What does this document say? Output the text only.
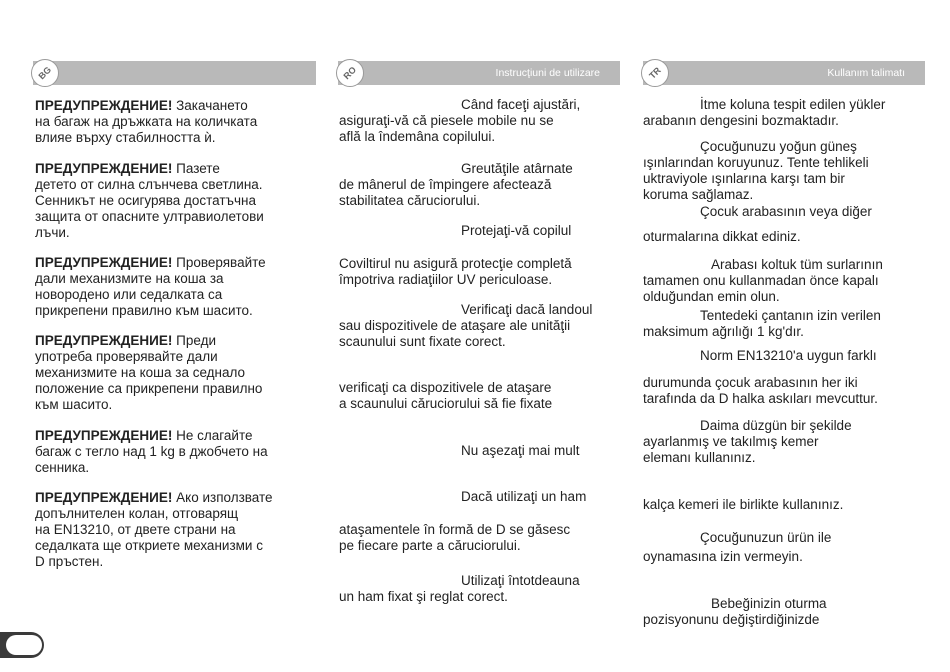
BG	RO	Instrucţiuni de utilizare	TR	Kullanım talimatı

ПРЕДУПРЕЖДЕНИЕ! Закачането
на багаж на дръжката на количката
влияе върху стабилността ѝ.

ПРЕДУПРЕЖДЕНИЕ! Пазете
детето от силна слънчева светлина.
Сенникът не осигурява достатъчна
защита от опасните ултравиолетови
лъчи.

ПРЕДУПРЕЖДЕНИЕ! Проверявайте
дали механизмите на коша за
новородено или седалката са
прикрепени правилно към шасито.

ПРЕДУПРЕЖДЕНИЕ! Преди
употреба проверявайте дали
механизмите на коша за седнало
положение са прикрепени правилно
към шасито.

ПРЕДУПРЕЖДЕНИЕ! Не слагайте
багаж с тегло над 1 kg в джобчето на
сенника.

ПРЕДУПРЕЖДЕНИЕ! Ако използвате
допълнителен колан, отговарящ
на EN13210, от двете страни на
седалката ще откриете механизми с
D пръстен.

Când faceţi ajustări,
asiguraţi-vă că piesele mobile nu se
află la îndemâna copilului.

Greutăţile atârnate
de mânerul de împingere afectează
stabilitatea căruciorului.

Protejaţi-vă copilul

Coviltirul nu asigură protecţie completă
împotriva radiaţiilor UV periculoase.

Verificaţi dacă landoul
sau dispozitivele de ataşare ale unităţii
scaunului sunt fixate corect.

verificaţi ca dispozitivele de ataşare
a scaunului căruciorului să fie fixate

Nu aşezaţi mai mult

Dacă utilizaţi un ham

ataşamentele în formă de D se găsesc
pe fiecare parte a căruciorului.

Utilizaţi întotdeauna
un ham fixat şi reglat corect.

İtme koluna tespit edilen yükler
arabanın dengesini bozmaktadır.

Çocuğunuzu yoğun güneş
ışınlarından koruyunuz. Tente tehlikeli
uktraviyole ışınlarına karşı tam bir
koruma sağlamaz.

Çocuk arabasının veya diğer

oturmalarına dikkat ediniz.

Arabası koltuk tüm surlarının
tamamen onu kullanmadan önce kapalı
olduğundan emin olun.

Tentedeki çantanın izin verilen
maksimum ağrılığı 1 kg'dır.

Norm EN13210'a uygun farklı

durumunda çocuk arabasının her iki
tarafında da D halka askıları mevcuttur.

Daima düzgün bir şekilde
ayarlanmış ve takılmış kemer
elemanı kullanınız.

kalça kemeri ile birlikte kullanınız.

Çocuğunuzun ürün ile

oynamasına izin vermeyin.

Bebeğinizin oturma
pozisyonunu değiştirdiğinizde
